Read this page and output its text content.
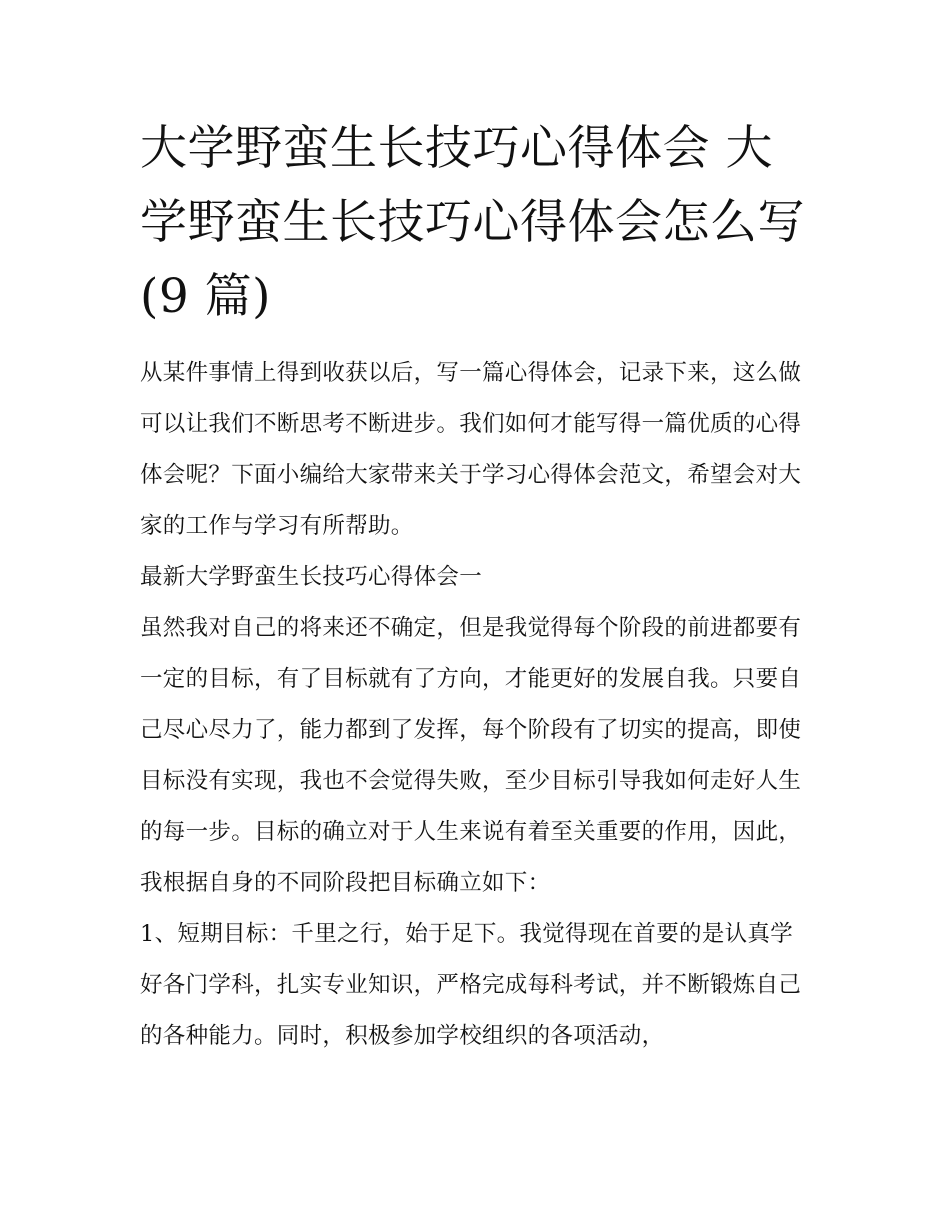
大学野蛮生长技巧心得体会 大学野蛮生长技巧心得体会怎么写(9 篇)

从某件事情上得到收获以后，写一篇心得体会，记录下来，这么做可以让我们不断思考不断进步。我们如何才能写得一篇优质的心得体会呢？下面小编给大家带来关于学习心得体会范文，希望会对大家的工作与学习有所帮助。

最新大学野蛮生长技巧心得体会一

虽然我对自己的将来还不确定，但是我觉得每个阶段的前进都要有一定的目标，有了目标就有了方向，才能更好的发展自我。只要自己尽心尽力了，能力都到了发挥，每个阶段有了切实的提高，即使目标没有实现，我也不会觉得失败，至少目标引导我如何走好人生的每一步。目标的确立对于人生来说有着至关重要的作用，因此，我根据自身的不同阶段把目标确立如下：

1、短期目标：千里之行，始于足下。我觉得现在首要的是认真学好各门学科，扎实专业知识，严格完成每科考试，并不断锻炼自己的各种能力。同时，积极参加学校组织的各项活动，
